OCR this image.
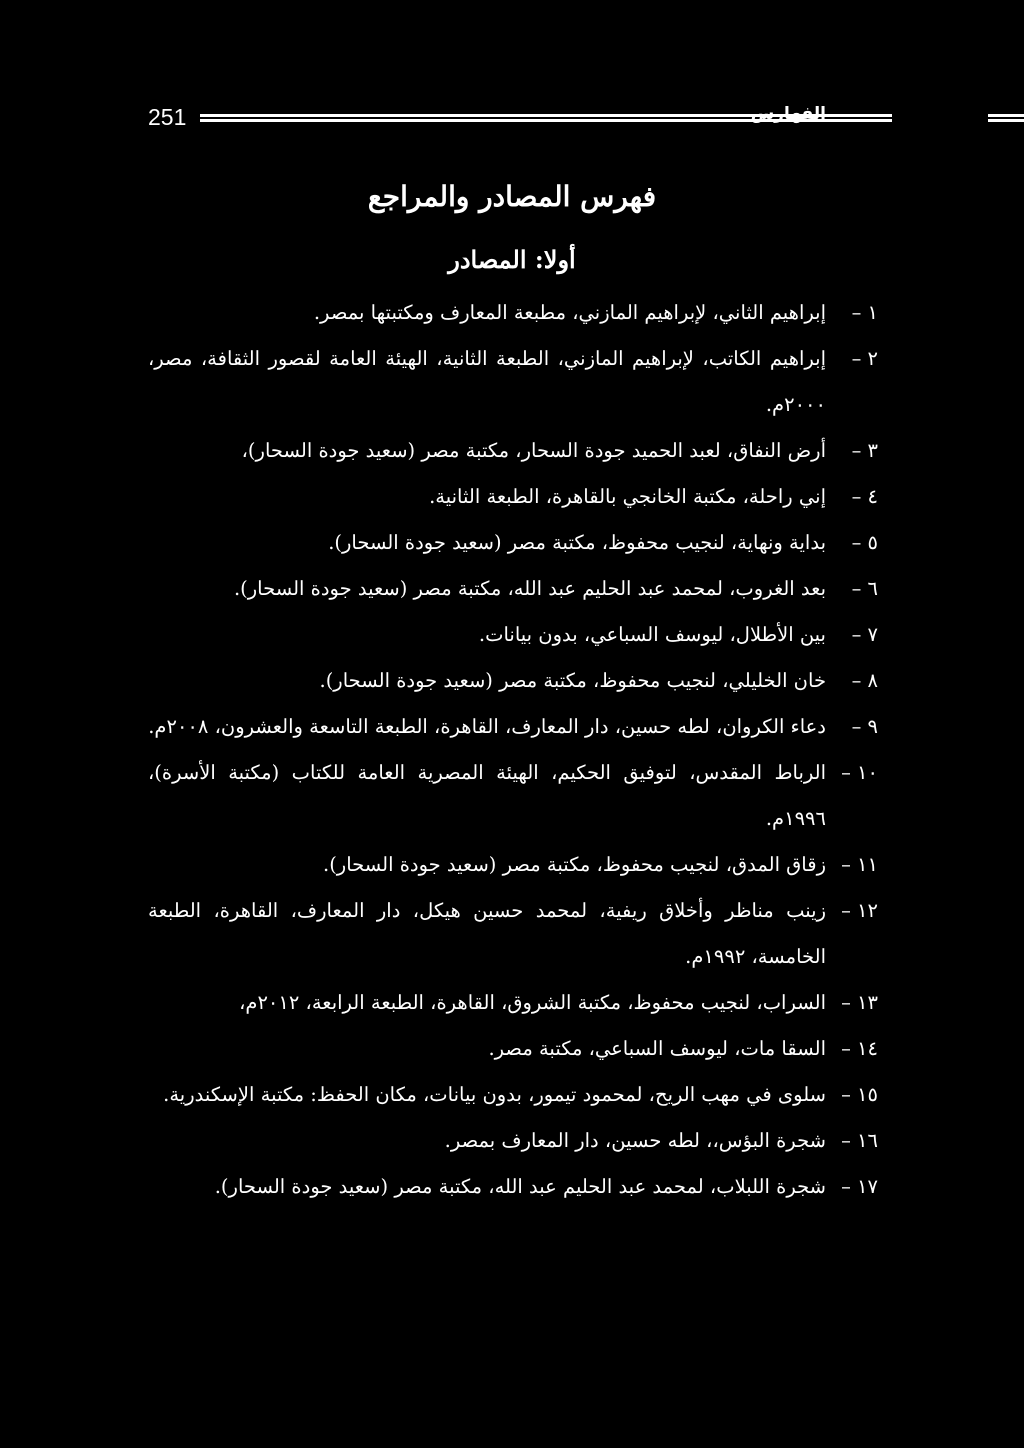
251	الفهارس
فهرس المصادر والمراجع
أولا: المصادر
١ –
إبراهيم الثاني، لإبراهيم المازني، مطبعة المعارف ومكتبتها بمصر.
٢ –
إبراهيم الكاتب، لإبراهيم المازني، الطبعة الثانية، الهيئة العامة لقصور الثقافة، مصر، ٢٠٠٠م.
٣ –
أرض النفاق، لعبد الحميد جودة السحار، مكتبة مصر (سعيد جودة السحار)،
٤ –
إني راحلة، مكتبة الخانجي بالقاهرة، الطبعة الثانية.
٥ –
بداية ونهاية، لنجيب محفوظ، مكتبة مصر (سعيد جودة السحار).
٦ –
بعد الغروب، لمحمد عبد الحليم عبد الله، مكتبة مصر (سعيد جودة السحار).
٧ –
بين الأطلال، ليوسف السباعي، بدون بيانات.
٨ –
خان الخليلي، لنجيب محفوظ، مكتبة مصر (سعيد جودة السحار).
٩ –
دعاء الكروان، لطه حسين، دار المعارف، القاهرة، الطبعة التاسعة والعشرون، ٢٠٠٨م.
١٠ –
الرباط المقدس، لتوفيق الحكيم، الهيئة المصرية العامة للكتاب (مكتبة الأسرة)، ١٩٩٦م.
١١ –
زقاق المدق، لنجيب محفوظ، مكتبة مصر (سعيد جودة السحار).
١٢ –
زينب مناظر وأخلاق ريفية، لمحمد حسين هيكل، دار المعارف، القاهرة، الطبعة الخامسة، ١٩٩٢م.
١٣ –
السراب، لنجيب محفوظ، مكتبة الشروق، القاهرة، الطبعة الرابعة، ٢٠١٢م،
١٤ –
السقا مات، ليوسف السباعي، مكتبة مصر.
١٥ –
سلوى في مهب الريح، لمحمود تيمور، بدون بيانات، مكان الحفظ: مكتبة الإسكندرية.
١٦ –
شجرة البؤس،، لطه حسين، دار المعارف بمصر.
١٧ –
شجرة اللبلاب، لمحمد عبد الحليم عبد الله، مكتبة مصر (سعيد جودة السحار).
